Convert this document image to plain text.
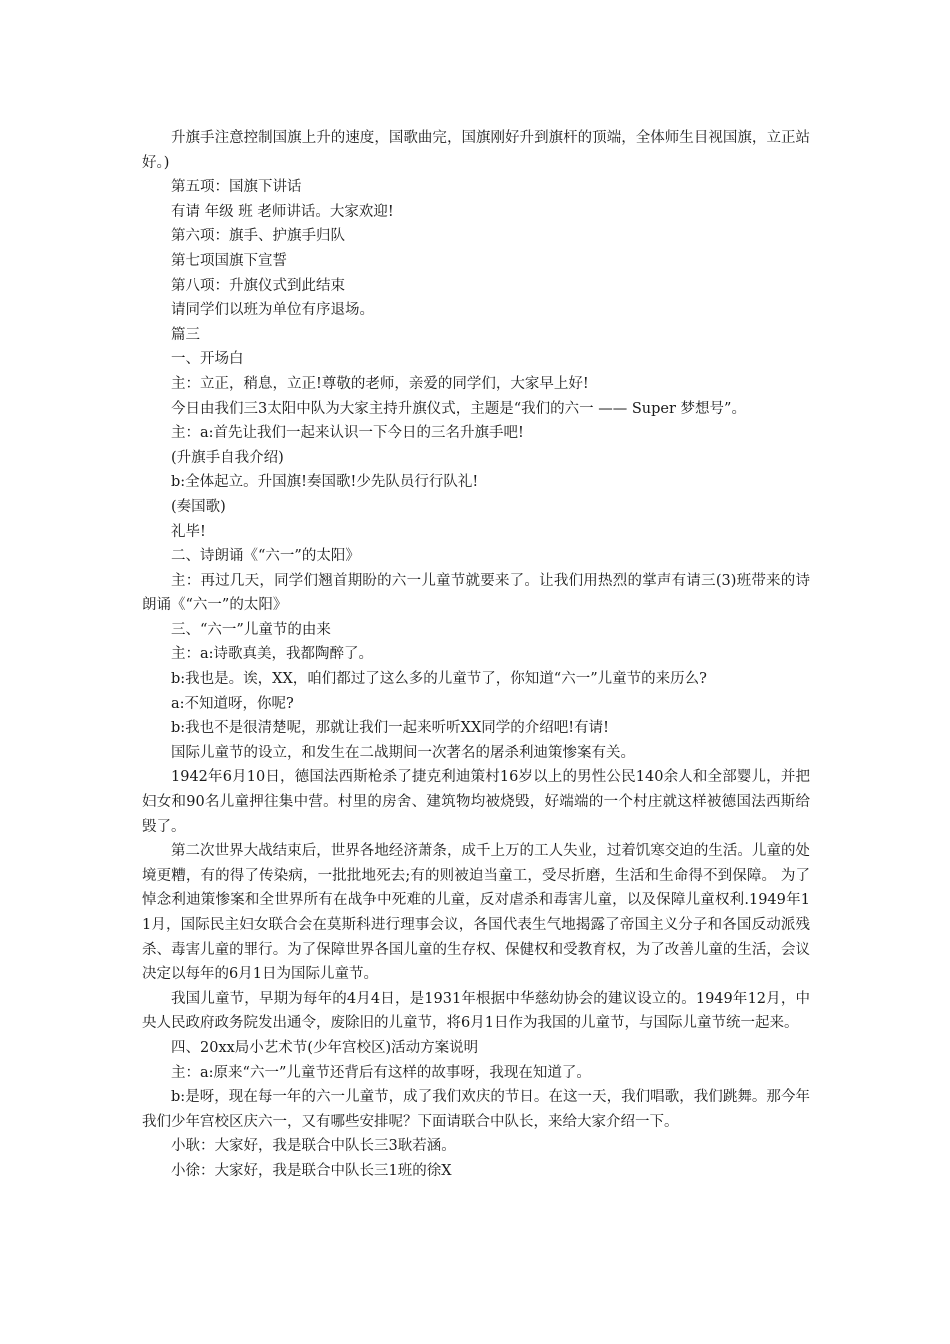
升旗手注意控制国旗上升的速度，国歌曲完，国旗刚好升到旗杆的顶端，全体师生目视国旗，立正站好。)

第五项：国旗下讲话

有请 年级 班 老师讲话。大家欢迎!

第六项：旗手、护旗手归队

第七项国旗下宣誓

第八项：升旗仪式到此结束

请同学们以班为单位有序退场。

篇三

一、开场白

主：立正，稍息，立正!尊敬的老师，亲爱的同学们，大家早上好!

今日由我们三3太阳中队为大家主持升旗仪式，主题是“我们的六一 —— Super 梦想号”。

主：a:首先让我们一起来认识一下今日的三名升旗手吧!

(升旗手自我介绍)

b:全体起立。升国旗!奏国歌!少先队员行行队礼!

(奏国歌)

礼毕!

二、诗朗诵《“六一”的太阳》

主：再过几天，同学们翘首期盼的六一儿童节就要来了。让我们用热烈的掌声有请三(3)班带来的诗朗诵《“六一”的太阳》

三、“六一”儿童节的由来

主：a:诗歌真美，我都陶醉了。

b:我也是。诶，XX，咱们都过了这么多的儿童节了，你知道“六一”儿童节的来历么?

a:不知道呀，你呢?

b:我也不是很清楚呢，那就让我们一起来听听XX同学的介绍吧!有请!

国际儿童节的设立，和发生在二战期间一次著名的屠杀利迪策惨案有关。

1942年6月10日，德国法西斯枪杀了捷克利迪策村16岁以上的男性公民140余人和全部婴儿，并把妇女和90名儿童押往集中营。村里的房舍、建筑物均被烧毁，好端端的一个村庄就这样被德国法西斯给毁了。

第二次世界大战结束后，世界各地经济萧条，成千上万的工人失业，过着饥寒交迫的生活。儿童的处境更糟，有的得了传染病，一批批地死去;有的则被迫当童工，受尽折磨，生活和生命得不到保障。 为了悼念利迪策惨案和全世界所有在战争中死难的儿童，反对虐杀和毒害儿童，以及保障儿童权利.1949年11月，国际民主妇女联合会在莫斯科进行理事会议，各国代表生气地揭露了帝国主义分子和各国反动派残杀、毒害儿童的罪行。为了保障世界各国儿童的生存权、保健权和受教育权，为了改善儿童的生活，会议决定以每年的6月1日为国际儿童节。

我国儿童节，早期为每年的4月4日，是1931年根据中华慈幼协会的建议设立的。1949年12月，中央人民政府政务院发出通令，废除旧的儿童节，将6月1日作为我国的儿童节，与国际儿童节统一起来。

四、20xx局小艺术节(少年宫校区)活动方案说明

主：a:原来“六一”儿童节还背后有这样的故事呀，我现在知道了。

b:是呀，现在每一年的六一儿童节，成了我们欢庆的节日。在这一天，我们唱歌，我们跳舞。那今年我们少年宫校区庆六一，又有哪些安排呢？下面请联合中队长，来给大家介绍一下。

小耿：大家好，我是联合中队长三3耿若涵。

小徐：大家好，我是联合中队长三1班的徐X
